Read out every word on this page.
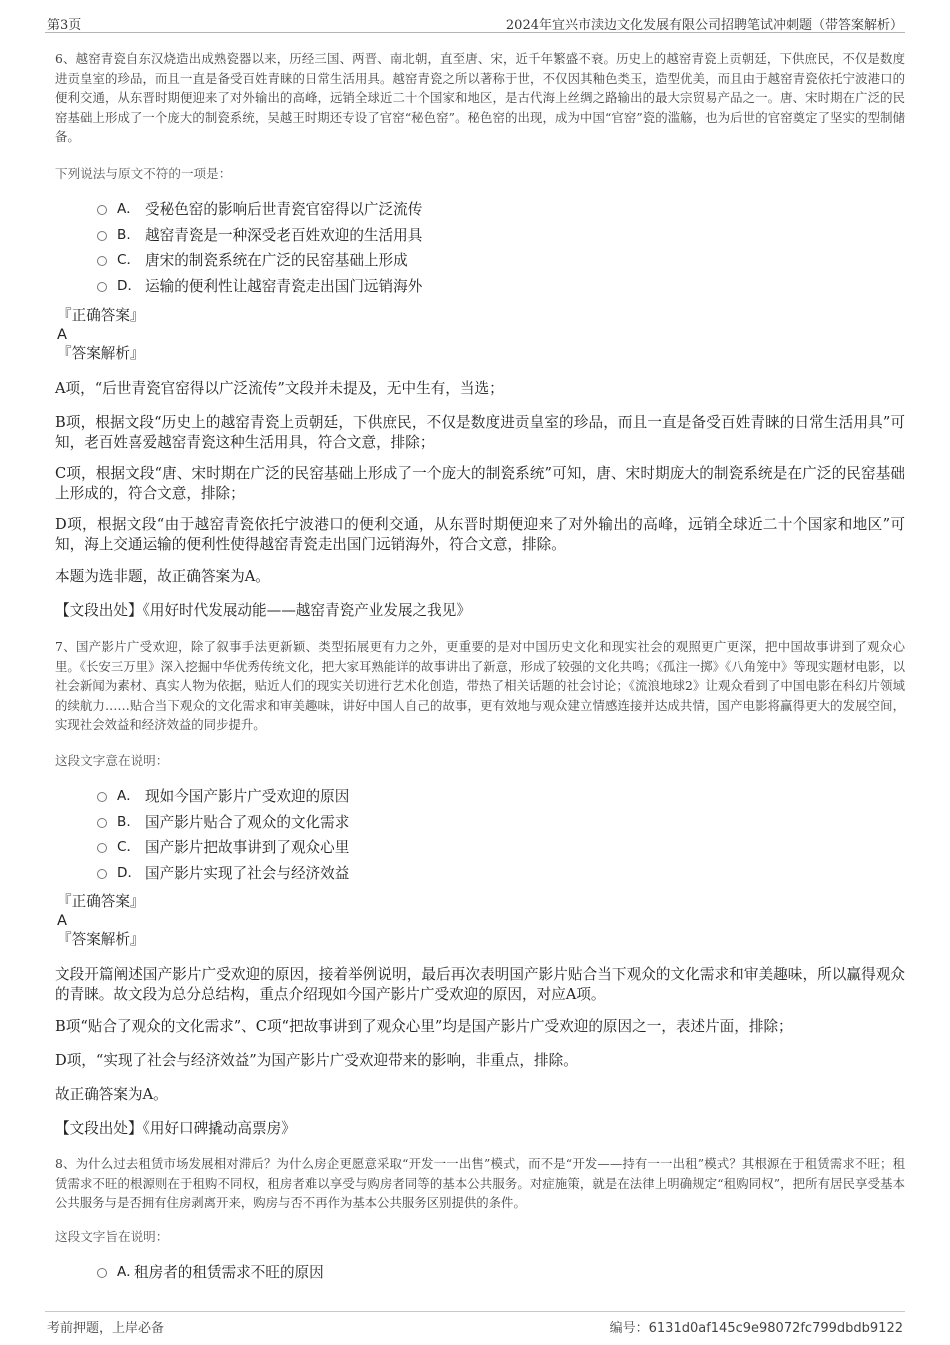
第3页	2024年宜兴市渎边文化发展有限公司招聘笔试冲刺题（带答案解析）

6、越窑青瓷自东汉烧造出成熟瓷器以来，历经三国、两晋、南北朝，直至唐、宋，近千年繁盛不衰。历史上的越窑青瓷上贡朝廷，下供庶民，不仅是数度进贡皇室的珍品，而且一直是备受百姓青睐的日常生活用具。越窑青瓷之所以著称于世，不仅因其釉色类玉，造型优美，而且由于越窑青瓷依托宁波港口的便利交通，从东晋时期便迎来了对外输出的高峰，远销全球近二十个国家和地区，是古代海上丝绸之路输出的最大宗贸易产品之一。唐、宋时期在广泛的民窑基础上形成了一个庞大的制瓷系统，吴越王时期还专设了官窑“秘色窑”。秘色窑的出现，成为中国“官窑”瓷的滥觞，也为后世的官窑奠定了坚实的型制储备。

下列说法与原文不符的一项是：

A． 受秘色窑的影响后世青瓷官窑得以广泛流传
B. 越窑青瓷是一种深受老百姓欢迎的生活用具
C． 唐宋的制瓷系统在广泛的民窑基础上形成
D． 运输的便利性让越窑青瓷走出国门远销海外

『正确答案』

A

『答案解析』

A项，“后世青瓷官窑得以广泛流传”文段并未提及，无中生有，当选；

B项，根据文段“历史上的越窑青瓷上贡朝廷，下供庶民，不仅是数度进贡皇室的珍品，而且一直是备受百姓青睐的日常生活用具”可知，老百姓喜爱越窑青瓷这种生活用具，符合文意，排除；

C项，根据文段“唐、宋时期在广泛的民窑基础上形成了一个庞大的制瓷系统”可知，唐、宋时期庞大的制瓷系统是在广泛的民窑基础上形成的，符合文意，排除；

D项，根据文段“由于越窑青瓷依托宁波港口的便利交通，从东晋时期便迎来了对外输出的高峰，远销全球近二十个国家和地区”可知，海上交通运输的便利性使得越窑青瓷走出国门远销海外，符合文意，排除。

本题为选非题，故正确答案为A。

【文段出处】《用好时代发展动能——越窑青瓷产业发展之我见》

7、国产影片广受欢迎，除了叙事手法更新颖、类型拓展更有力之外，更重要的是对中国历史文化和现实社会的观照更广更深，把中国故事讲到了观众心里。《长安三万里》深入挖掘中华优秀传统文化，把大家耳熟能详的故事讲出了新意，形成了较强的文化共鸣；《孤注一掷》《八角笼中》等现实题材电影，以社会新闻为素材、真实人物为依据，贴近人们的现实关切进行艺术化创造，带热了相关话题的社会讨论；《流浪地球2》让观众看到了中国电影在科幻片领域的续航力……贴合当下观众的文化需求和审美趣味，讲好中国人自己的故事，更有效地与观众建立情感连接并达成共情，国产电影将赢得更大的发展空间，实现社会效益和经济效益的同步提升。

这段文字意在说明：

A． 现如今国产影片广受欢迎的原因
B. 国产影片贴合了观众的文化需求
C． 国产影片把故事讲到了观众心里
D． 国产影片实现了社会与经济效益

『正确答案』

A

『答案解析』

文段开篇阐述国产影片广受欢迎的原因，接着举例说明，最后再次表明国产影片贴合当下观众的文化需求和审美趣味，所以赢得观众的青睐。故文段为总分总结构，重点介绍现如今国产影片广受欢迎的原因，对应A项。

B项“贴合了观众的文化需求”、C项“把故事讲到了观众心里”均是国产影片广受欢迎的原因之一，表述片面，排除；

D项，“实现了社会与经济效益”为国产影片广受欢迎带来的影响，非重点，排除。

故正确答案为A。

【文段出处】《用好口碑撬动高票房》

8、为什么过去租赁市场发展相对滞后？为什么房企更愿意采取“开发一一出售”模式，而不是“开发——持有一一出租”模式？其根源在于租赁需求不旺；租赁需求不旺的根源则在于租购不同权，租房者难以享受与购房者同等的基本公共服务。对症施策，就是在法律上明确规定“租购同权”，把所有居民享受基本公共服务与是否拥有住房剥离开来，购房与否不再作为基本公共服务区别提供的条件。

这段文字旨在说明：

A．
租房者的租赁需求不旺的原因
考前押题，上岸必备	编号：6131d0af145c9e98072fc799dbdb9122
